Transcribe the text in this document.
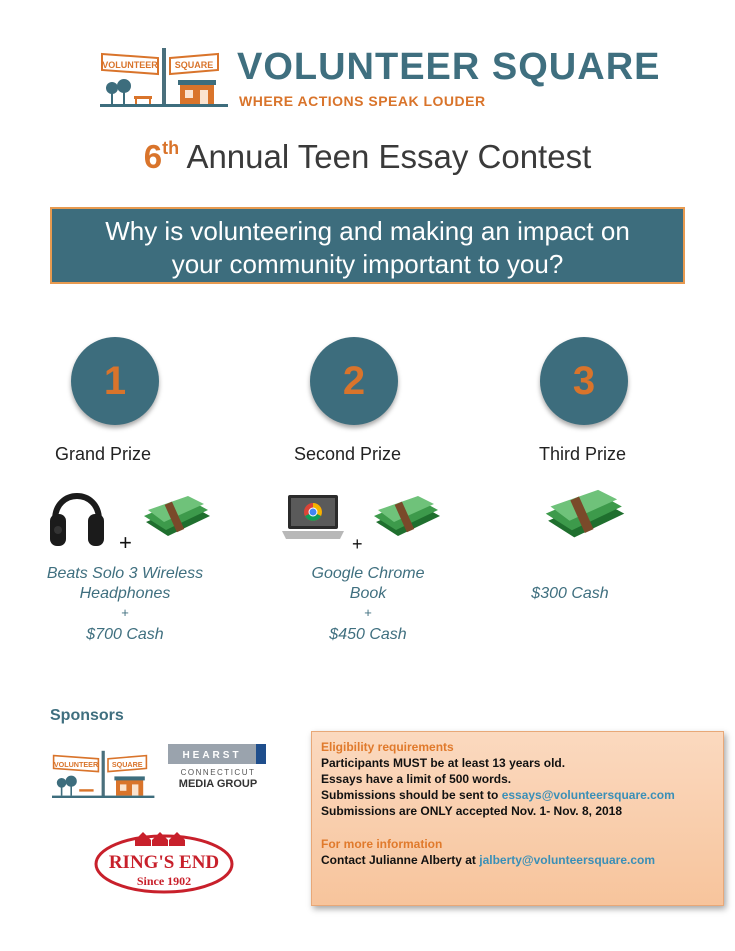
VOLUNTEER SQUARE VOLUNTEER SQUARE
WHERE ACTIONS SPEAK LOUDER
6th Annual Teen Essay Contest
Why is volunteering and making an impact on
your community important to you?
1
Grand Prize
+
Beats Solo 3 Wireless
Headphones
+
$700 Cash
2
Second Prize
+
Google Chrome
Book
+
$450 Cash
3
Third Prize
$300 Cash
Sponsors
VOLUNTEER SQUARE
HEARST
CONNECTICUT
MEDIA GROUP
RING'S END
Since 1902
Eligibility requirements
Participants MUST be at least 13 years old.
Essays have a limit of 500 words.
Submissions should be sent to essays@volunteersquare.com
Submissions are ONLY accepted Nov. 1- Nov. 8, 2018
For more information
Contact Julianne Alberty at jalberty@volunteersquare.com
